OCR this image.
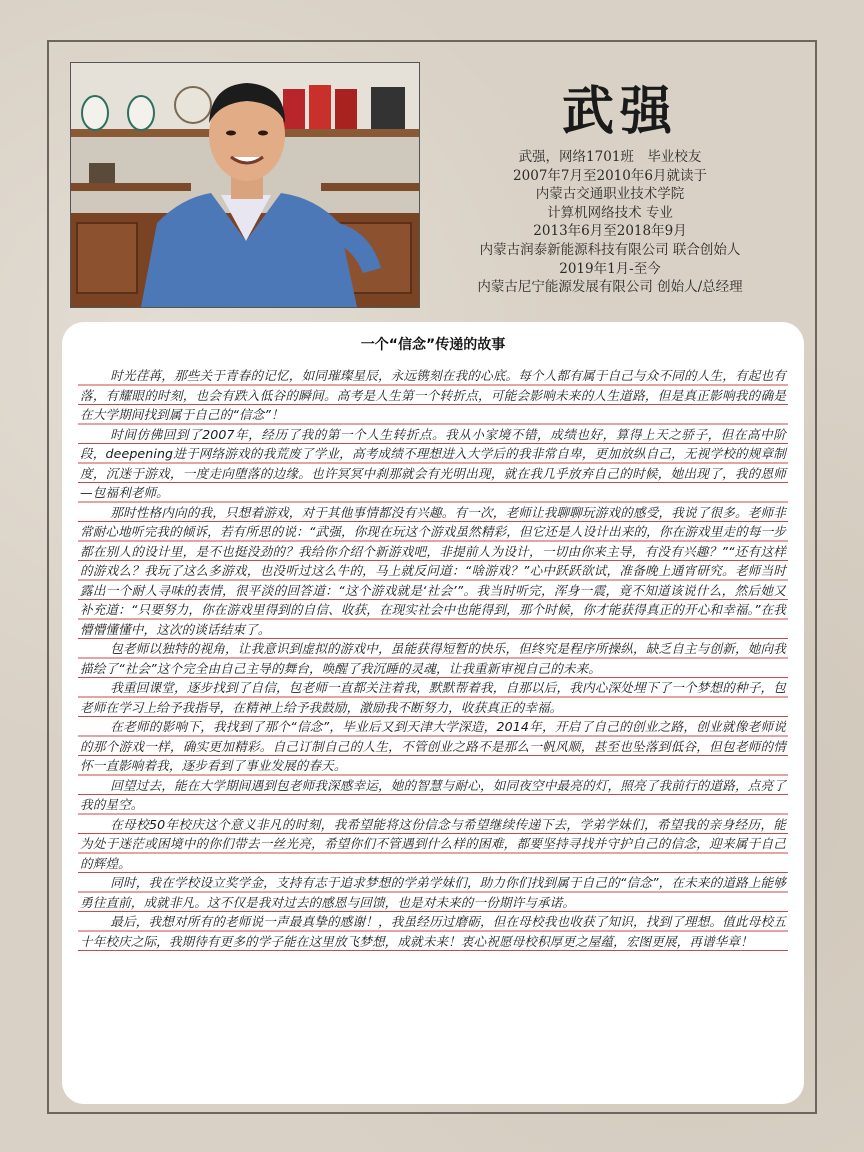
武强
武强，网络1701班　毕业校友
2007年7月至2010年6月就读于
内蒙古交通职业技术学院
计算机网络技术 专业
2013年6月至2018年9月
内蒙古润泰新能源科技有限公司 联合创始人
2019年1月-至今
内蒙古尼宁能源发展有限公司 创始人/总经理
一个“信念”传递的故事

时光荏苒，那些关于青春的记忆，如同璀璨星辰，永远镌刻在我的心底。每个人都有属于自己与众不同的人生，有起也有落，有耀眼的时刻，也会有跌入低谷的瞬间。高考是人生第一个转折点，可能会影响未来的人生道路，但是真正影响我的确是在大学期间找到属于自己的“信念”！

时间仿佛回到了2007年，经历了我的第一个人生转折点。我从小家境不错，成绩也好，算得上天之骄子，但在高中阶段，deepening进于网络游戏的我荒废了学业，高考成绩不理想进入大学后的我非常自卑，更加放纵自己，无视学校的规章制度，沉迷于游戏，一度走向堕落的边缘。也许冥冥中刹那就会有光明出现，就在我几乎放弃自己的时候，她出现了，我的恩师—包福利老师。

那时性格内向的我，只想着游戏，对于其他事情都没有兴趣。有一次，老师让我聊聊玩游戏的感受，我说了很多。老师非常耐心地听完我的倾诉，若有所思的说：“武强，你现在玩这个游戏虽然精彩，但它还是人设计出来的，你在游戏里走的每一步都在别人的设计里，是不也挺没劲的？我给你介绍个新游戏吧，非提前人为设计，一切由你来主导，有没有兴趣？”“还有这样的游戏么？我玩了这么多游戏，也没听过这么牛的，马上就反问道：“啥游戏？”心中跃跃欲试，准备晚上通宵研究。老师当时露出一个耐人寻味的表情，很平淡的回答道：“这个游戏就是‘社会’”。我当时听完，浑身一震，竟不知道该说什么，然后她又补充道：“只要努力，你在游戏里得到的自信、收获，在现实社会中也能得到，那个时候，你才能获得真正的开心和幸福。”在我懵懵懂懂中，这次的谈话结束了。

包老师以独特的视角，让我意识到虚拟的游戏中，虽能获得短暂的快乐，但终究是程序所操纵，缺乏自主与创新，她向我描绘了“社会”这个完全由自己主导的舞台，唤醒了我沉睡的灵魂，让我重新审视自己的未来。

我重回课堂，逐步找到了自信，包老师一直都关注着我，默默帮着我，自那以后，我内心深处埋下了一个梦想的种子，包老师在学习上给予我指导，在精神上给予我鼓励，激励我不断努力，收获真正的幸福。

在老师的影响下，我找到了那个“信念”，毕业后又到天津大学深造，2014年，开启了自己的创业之路，创业就像老师说的那个游戏一样，确实更加精彩。自己订制自己的人生，不管创业之路不是那么一帆风顺，甚至也坠落到低谷，但包老师的情怀一直影响着我，逐步看到了事业发展的春天。

回望过去，能在大学期间遇到包老师我深感幸运，她的智慧与耐心，如同夜空中最亮的灯，照亮了我前行的道路，点亮了我的星空。

在母校50年校庆这个意义非凡的时刻，我希望能将这份信念与希望继续传递下去，学弟学妹们，希望我的亲身经历，能为处于迷茫或困境中的你们带去一丝光亮，希望你们不管遇到什么样的困难，都要坚持寻找并守护自己的信念，迎来属于自己的辉煌。

同时，我在学校设立奖学金，支持有志于追求梦想的学弟学妹们，助力你们找到属于自己的“信念”，在未来的道路上能够勇往直前，成就非凡。这不仅是我对过去的感恩与回馈，也是对未来的一份期许与承诺。

最后，我想对所有的老师说一声最真挚的感谢！，我虽经历过磨砺，但在母校我也收获了知识，找到了理想。值此母校五十年校庆之际，我期待有更多的学子能在这里放飞梦想，成就未来！衷心祝愿母校积厚更之屋蕴，宏图更展，再谱华章！
